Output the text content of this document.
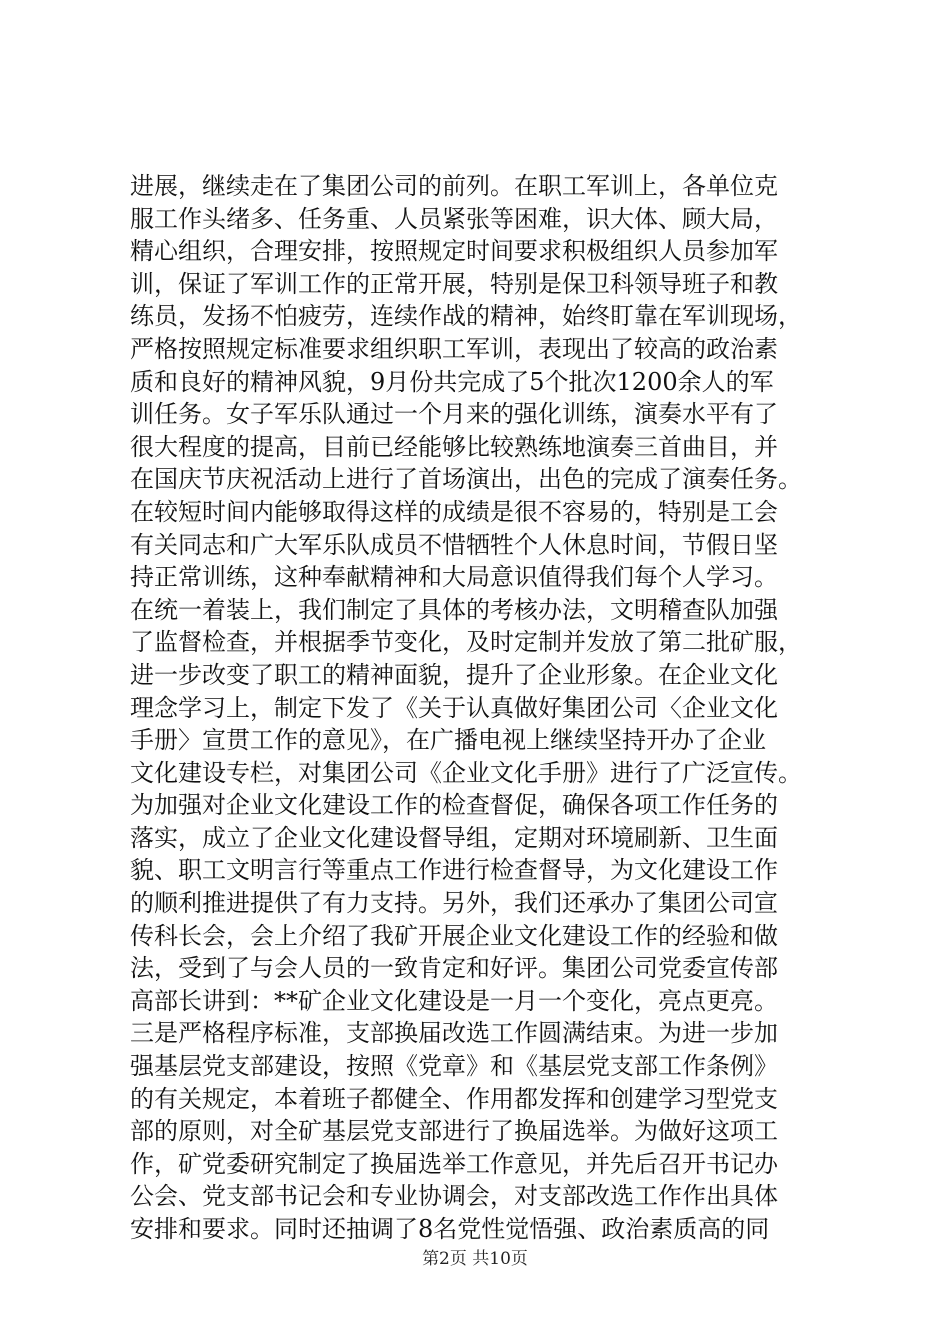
进展，继续走在了集团公司的前列。在职工军训上，各单位克
服工作头绪多、任务重、人员紧张等困难，识大体、顾大局，
精心组织，合理安排，按照规定时间要求积极组织人员参加军
训，保证了军训工作的正常开展，特别是保卫科领导班子和教
练员，发扬不怕疲劳，连续作战的精神，始终盯靠在军训现场，
严格按照规定标准要求组织职工军训，表现出了较高的政治素
质和良好的精神风貌，9月份共完成了5个批次1200余人的军
训任务。女子军乐队通过一个月来的强化训练，演奏水平有了
很大程度的提高，目前已经能够比较熟练地演奏三首曲目，并
在国庆节庆祝活动上进行了首场演出，出色的完成了演奏任务。
在较短时间内能够取得这样的成绩是很不容易的，特别是工会
有关同志和广大军乐队成员不惜牺牲个人休息时间，节假日坚
持正常训练，这种奉献精神和大局意识值得我们每个人学习。
在统一着装上，我们制定了具体的考核办法，文明稽查队加强
了监督检查，并根据季节变化，及时定制并发放了第二批矿服，
进一步改变了职工的精神面貌，提升了企业形象。在企业文化
理念学习上，制定下发了《关于认真做好集团公司〈企业文化
手册〉宣贯工作的意见》，在广播电视上继续坚持开办了企业
文化建设专栏，对集团公司《企业文化手册》进行了广泛宣传。
为加强对企业文化建设工作的检查督促，确保各项工作任务的
落实，成立了企业文化建设督导组，定期对环境刷新、卫生面
貌、职工文明言行等重点工作进行检查督导，为文化建设工作
的顺利推进提供了有力支持。另外，我们还承办了集团公司宣
传科长会，会上介绍了我矿开展企业文化建设工作的经验和做
法，受到了与会人员的一致肯定和好评。集团公司党委宣传部
高部长讲到：**矿企业文化建设是一月一个变化，亮点更亮。
三是严格程序标准，支部换届改选工作圆满结束。为进一步加
强基层党支部建设，按照《党章》和《基层党支部工作条例》
的有关规定，本着班子都健全、作用都发挥和创建学习型党支
部的原则，对全矿基层党支部进行了换届选举。为做好这项工
作，矿党委研究制定了换届选举工作意见，并先后召开书记办
公会、党支部书记会和专业协调会，对支部改选工作作出具体
安排和要求。同时还抽调了8名党性觉悟强、政治素质高的同
第2页 共10页
